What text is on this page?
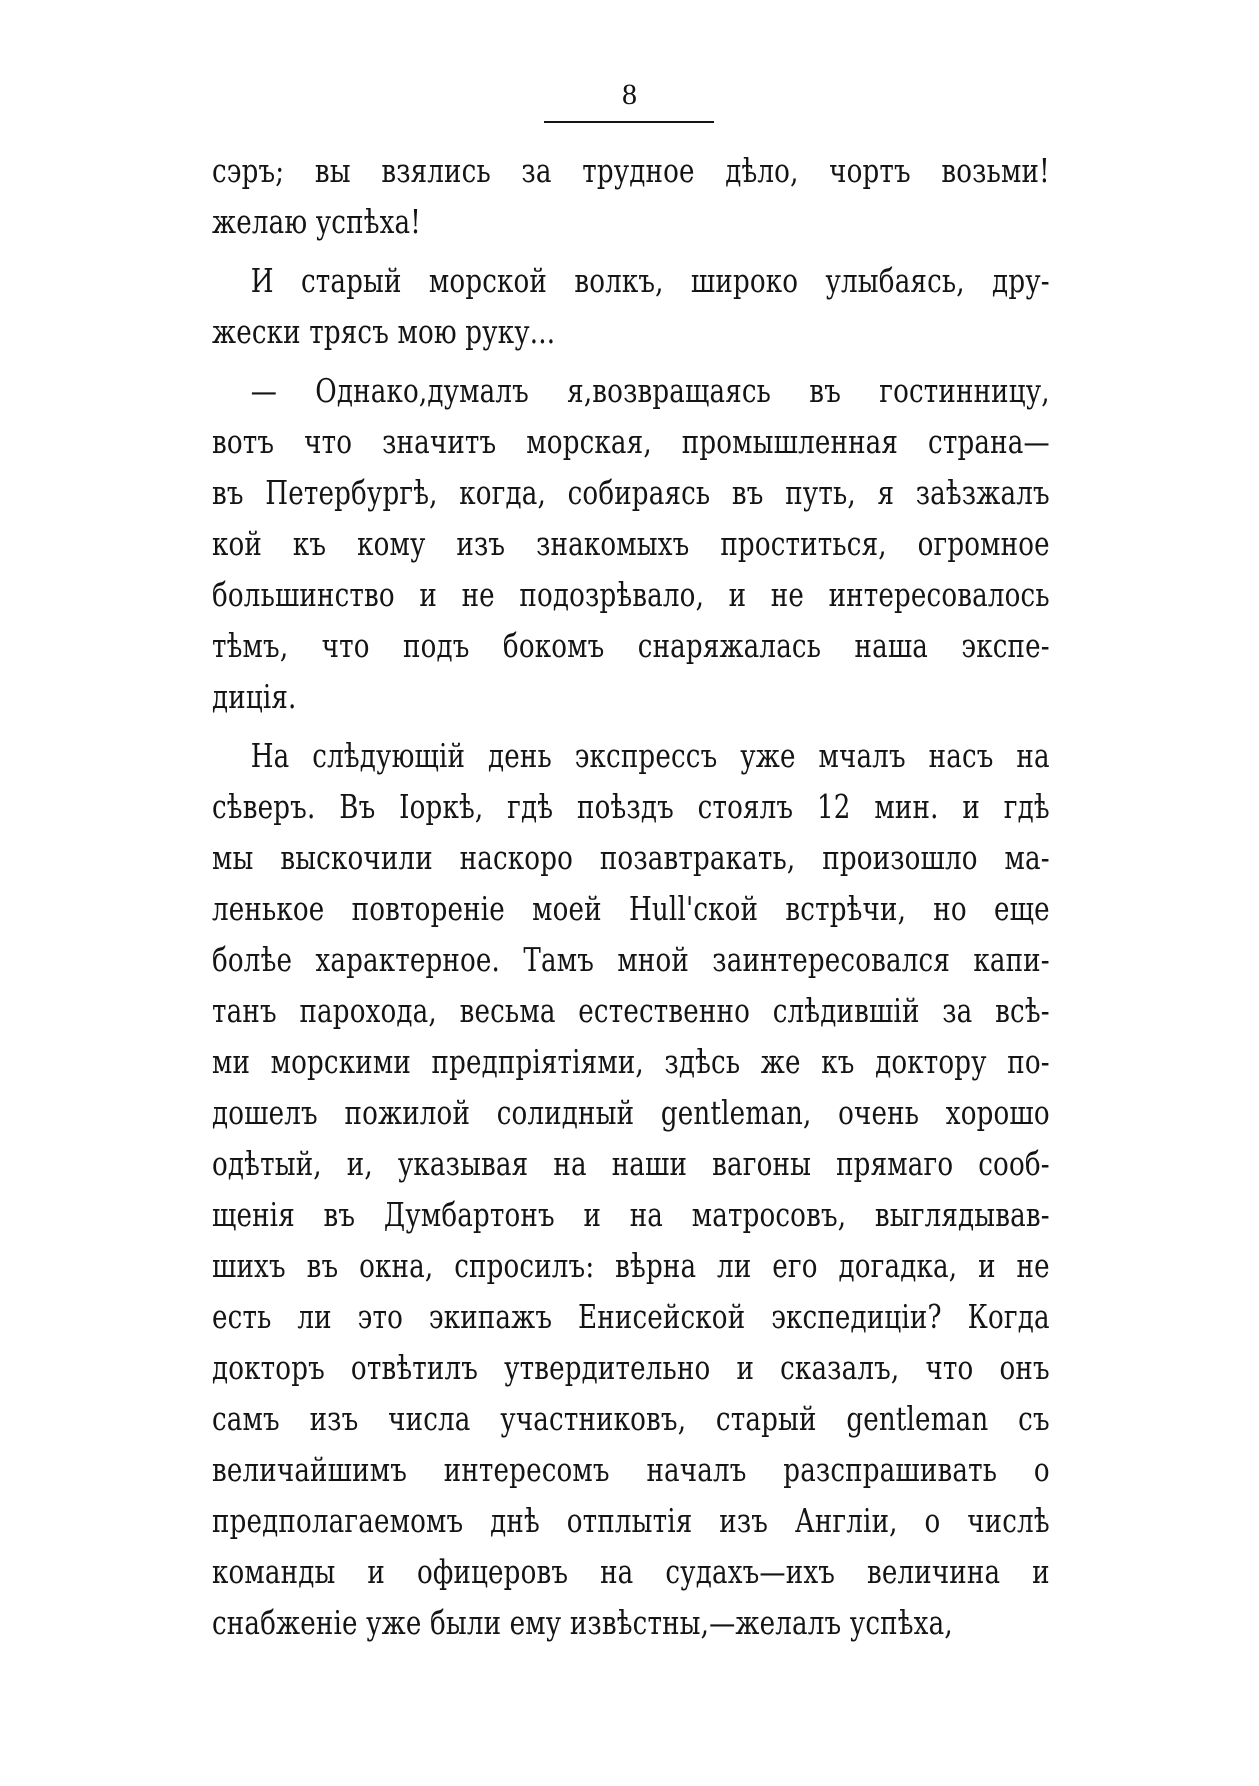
8
сэръ; вы взялись за трудное дѣло, чортъ возьми!
желаю успѣха!
И старый морской волкъ, широко улыбаясь, дру-
жески трясъ мою руку...
— Однако,думалъ я,возвращаясь въ гостинницу,
вотъ что значитъ морская, промышленная страна—
въ Петербургѣ, когда, собираясь въ путь, я заѣзжалъ
кой къ кому изъ знакомыхъ проститься, огромное
большинство и не подозрѣвало, и не интересовалось
тѣмъ, что подъ бокомъ снаряжалась наша экспе-
диція.
На слѣдующій день экспрессъ уже мчалъ насъ на
сѣверъ. Въ Іоркѣ, гдѣ поѣздъ стоялъ 12 мин. и гдѣ
мы выскочили наскоро позавтракать, произошло ма-
ленькое повтореніе моей Hull'ской встрѣчи, но еще
болѣе характерное. Тамъ мной заинтересовался капи-
танъ парохода, весьма естественно слѣдившій за всѣ-
ми морскими предпріятіями, здѣсь же къ доктору по-
дошелъ пожилой солидный gentleman, очень хорошо
одѣтый, и, указывая на наши вагоны прямаго сооб-
щенія въ Думбартонъ и на матросовъ, выглядывав-
шихъ въ окна, спросилъ: вѣрна ли его догадка, и не
есть ли это экипажъ Енисейской экспедиціи? Когда
докторъ отвѣтилъ утвердительно и сказалъ, что онъ
самъ изъ числа участниковъ, старый gentleman съ
величайшимъ интересомъ началъ разспрашивать о
предполагаемомъ днѣ отплытія изъ Англіи, о числѣ
команды и офицеровъ на судахъ—ихъ величина и
снабженіе уже были ему извѣстны,—желалъ успѣха,
